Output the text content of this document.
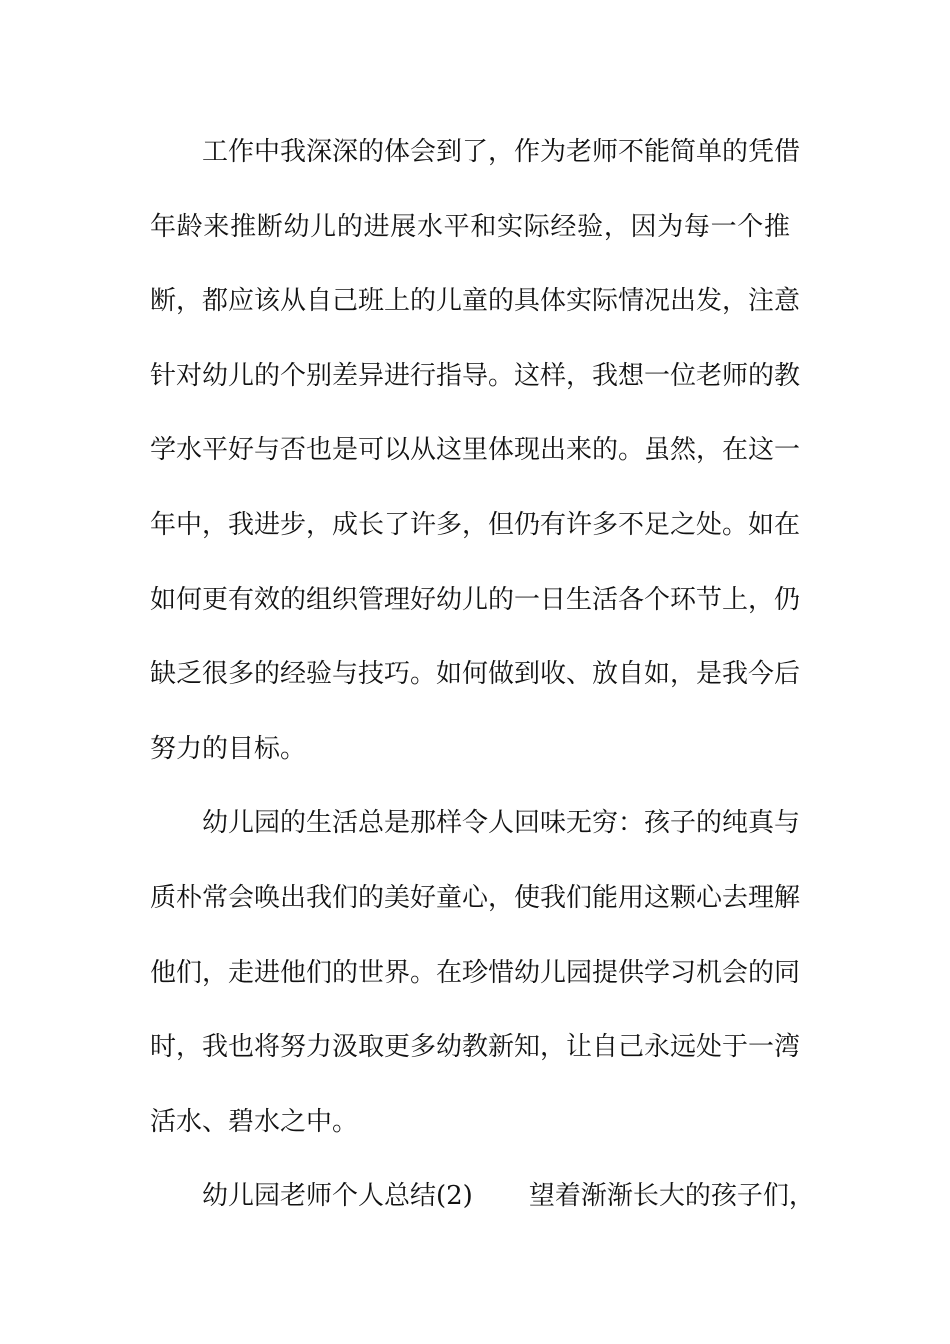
工作中我深深的体会到了，作为老师不能简单的凭借
年龄来推断幼儿的进展水平和实际经验，因为每一个推
断，都应该从自己班上的儿童的具体实际情况出发，注意
针对幼儿的个别差异进行指导。这样，我想一位老师的教
学水平好与否也是可以从这里体现出来的。虽然，在这一
年中，我进步，成长了许多，但仍有许多不足之处。如在
如何更有效的组织管理好幼儿的一日生活各个环节上，仍
缺乏很多的经验与技巧。如何做到收、放自如，是我今后
努力的目标。
幼儿园的生活总是那样令人回味无穷：孩子的纯真与
质朴常会唤出我们的美好童心，使我们能用这颗心去理解
他们，走进他们的世界。在珍惜幼儿园提供学习机会的同
时，我也将努力汲取更多幼教新知，让自己永远处于一湾
活水、碧水之中。
幼儿园老师个人总结(2) 望着渐渐长大的孩子们，
